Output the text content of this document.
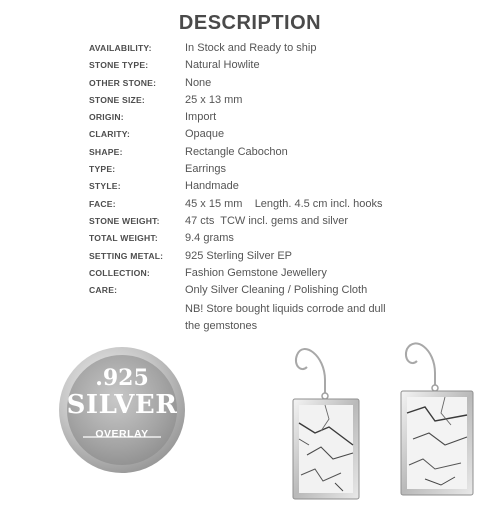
DESCRIPTION
AVAILABILITY:	In Stock and Ready to ship
STONE TYPE:	Natural Howlite
OTHER STONE:	None
STONE SIZE:	25 x 13 mm
ORIGIN:	Import
CLARITY:	Opaque
SHAPE:	Rectangle Cabochon
TYPE:	Earrings
STYLE:	Handmade
FACE:	45 x 15 mm    Length. 4.5 cm incl. hooks
STONE WEIGHT: 47 cts  TCW incl. gems and silver
TOTAL WEIGHT: 9.4 grams
SETTING METAL: 925 Sterling Silver EP
COLLECTION:	Fashion Gemstone Jewellery
CARE:	Only Silver Cleaning / Polishing Cloth
NB! Store bought liquids corrode and dull
the gemstones
.925
SILVER
OVERLAY
